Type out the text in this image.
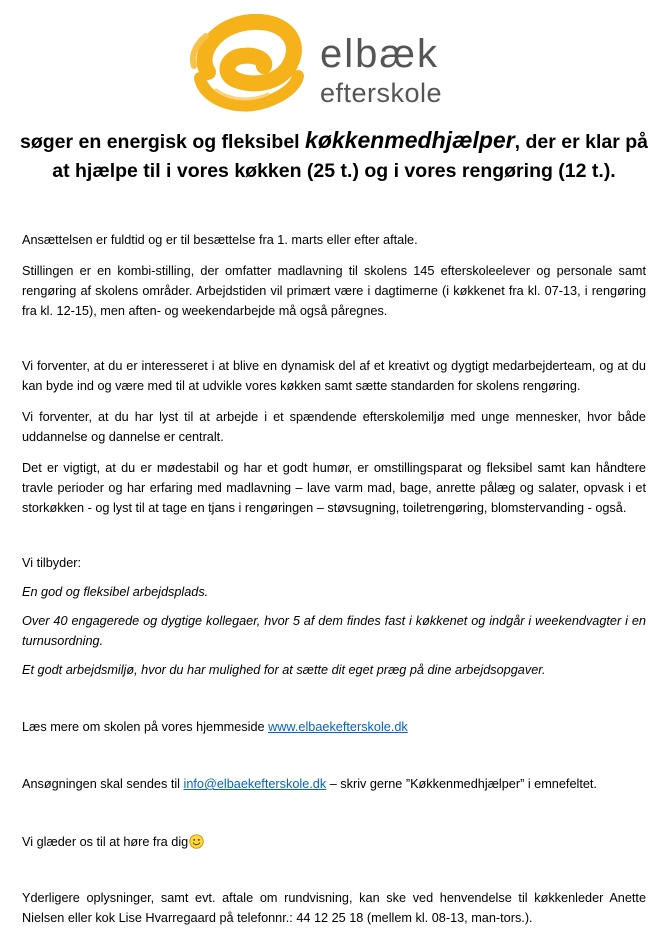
elbæk
efterskole
søger en energisk og fleksibel køkkenmedhjælper, der er klar på
at hjælpe til i vores køkken (25 t.) og i vores rengøring (12 t.).

Ansættelsen er fuldtid og er til besættelse fra 1. marts eller efter aftale.

Stillingen er en kombi-stilling, der omfatter madlavning til skolens 145 efterskoleelever og personale samt rengøring af skolens områder. Arbejdstiden vil primært være i dagtimerne (i køkkenet fra kl. 07-13, i rengøring fra kl. 12-15), men aften- og weekendarbejde må også påregnes.

Vi forventer, at du er interesseret i at blive en dynamisk del af et kreativt og dygtigt medarbejderteam, og at du kan byde ind og være med til at udvikle vores køkken samt sætte standarden for skolens rengøring.

Vi forventer, at du har lyst til at arbejde i et spændende efterskolemiljø med unge mennesker, hvor både uddannelse og dannelse er centralt.

Det er vigtigt, at du er mødestabil og har et godt humør, er omstillingsparat og fleksibel samt kan håndtere travle perioder og har erfaring med madlavning – lave varm mad, bage, anrette pålæg og salater, opvask i et storkøkken - og lyst til at tage en tjans i rengøringen – støvsugning, toiletrengøring, blomstervanding - også.

Vi tilbyder:

En god og fleksibel arbejdsplads.

Over 40 engagerede og dygtige kollegaer, hvor 5 af dem findes fast i køkkenet og indgår i weekendvagter i en turnusordning.

Et godt arbejdsmiljø, hvor du har mulighed for at sætte dit eget præg på dine arbejdsopgaver.

Læs mere om skolen på vores hjemmeside www.elbaekefterskole.dk

Ansøgningen skal sendes til info@elbaekefterskole.dk – skriv gerne ”Køkkenmedhjælper” i emnefeltet.

Vi glæder os til at høre fra dig

Yderligere oplysninger, samt evt. aftale om rundvisning, kan ske ved henvendelse til køkkenleder Anette Nielsen eller kok Lise Hvarregaard på telefonnr.: 44 12 25 18 (mellem kl. 08-13, man-tors.).
